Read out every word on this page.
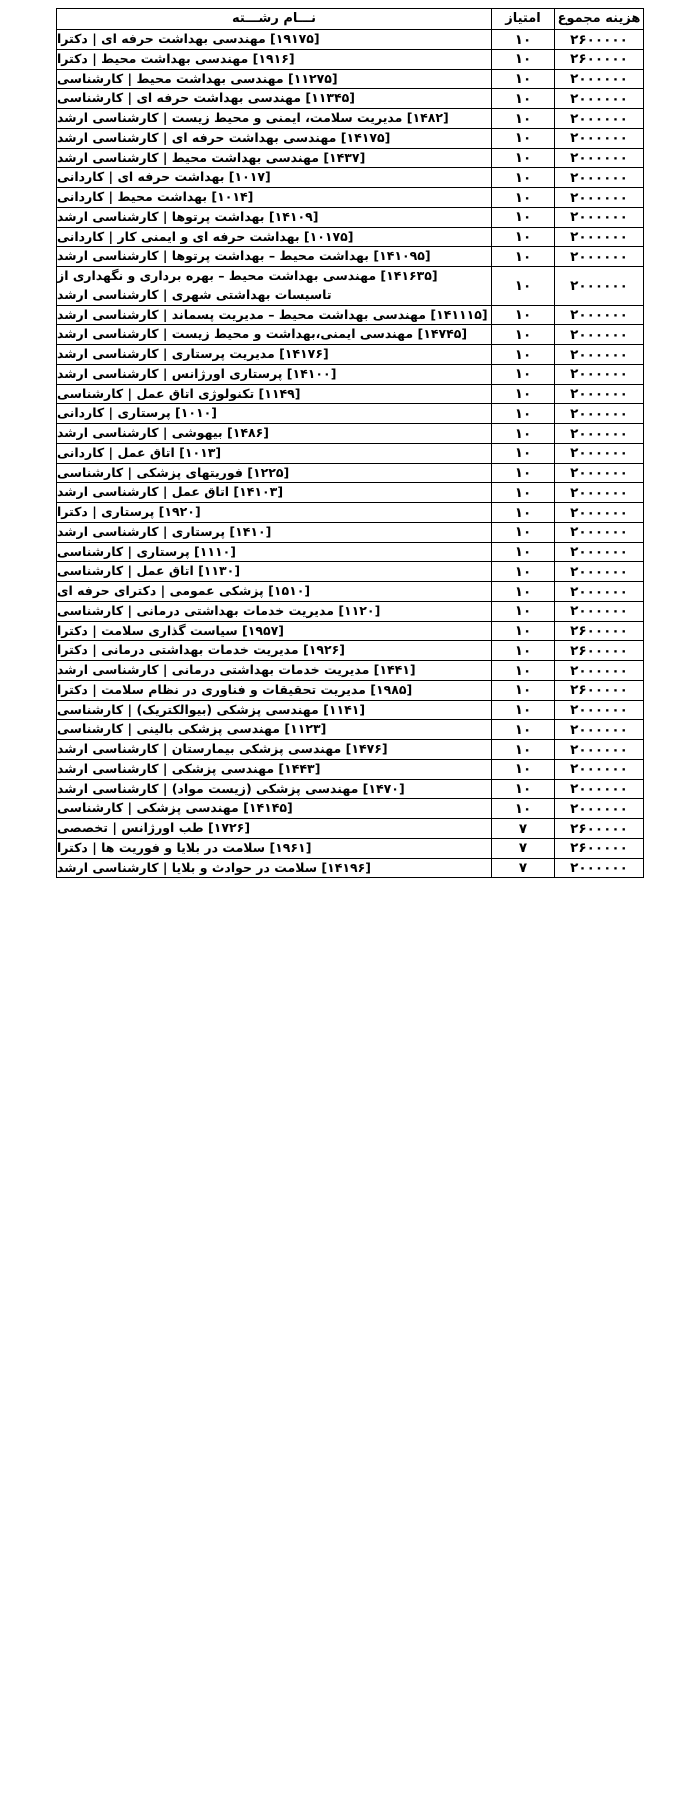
هزینه مجموع	امتیاز	نـــام رشـــته
۲۶۰۰۰۰۰	۱۰	[۱۹۱۷۵] مهندسی بهداشت حرفه ای | دکترا
۲۶۰۰۰۰۰	۱۰	[۱۹۱۶] مهندسی بهداشت محیط | دکترا
۲۰۰۰۰۰۰	۱۰	[۱۱۲۷۵] مهندسی بهداشت محیط | کارشناسی
۲۰۰۰۰۰۰	۱۰	[۱۱۳۴۵] مهندسی بهداشت حرفه ای | کارشناسی
۲۰۰۰۰۰۰	۱۰	[۱۴۸۲] مدیریت سلامت، ایمنی و محیط زیست | کارشناسی ارشد
۲۰۰۰۰۰۰	۱۰	[۱۴۱۷۵] مهندسی بهداشت حرفه ای | کارشناسی ارشد
۲۰۰۰۰۰۰	۱۰	[۱۴۳۷] مهندسی بهداشت محیط | کارشناسی ارشد
۲۰۰۰۰۰۰	۱۰	[۱۰۱۷] بهداشت حرفه ای | کاردانی
۲۰۰۰۰۰۰	۱۰	[۱۰۱۴] بهداشت محیط | کاردانی
۲۰۰۰۰۰۰	۱۰	[۱۴۱۰۹] بهداشت پرتوها | کارشناسی ارشد
۲۰۰۰۰۰۰	۱۰	[۱۰۱۷۵] بهداشت حرفه ای و ایمنی کار | کاردانی
۲۰۰۰۰۰۰	۱۰	[۱۴۱۰۹۵] بهداشت محیط – بهداشت پرتوها | کارشناسی ارشد
۲۰۰۰۰۰۰	۱۰	[۱۴۱۶۳۵] مهندسی بهداشت محیط – بهره برداری و نگهداری از تاسیسات بهداشتی شهری | کارشناسی ارشد
۲۰۰۰۰۰۰	۱۰	[۱۴۱۱۱۵] مهندسی بهداشت محیط – مدیریت پسماند | کارشناسی ارشد
۲۰۰۰۰۰۰	۱۰	[۱۴۷۴۵] مهندسی ایمنی،بهداشت و محیط زیست | کارشناسی ارشد
۲۰۰۰۰۰۰	۱۰	[۱۴۱۷۶] مدیریت پرستاری | کارشناسی ارشد
۲۰۰۰۰۰۰	۱۰	[۱۴۱۰۰] پرستاری اورژانس | کارشناسی ارشد
۲۰۰۰۰۰۰	۱۰	[۱۱۴۹] تکنولوژی اتاق عمل | کارشناسی
۲۰۰۰۰۰۰	۱۰	[۱۰۱۰] پرستاری | کاردانی
۲۰۰۰۰۰۰	۱۰	[۱۴۸۶] بیهوشی | کارشناسی ارشد
۲۰۰۰۰۰۰	۱۰	[۱۰۱۳] اتاق عمل | کاردانی
۲۰۰۰۰۰۰	۱۰	[۱۲۲۵] فوریتهای پزشکی | کارشناسی
۲۰۰۰۰۰۰	۱۰	[۱۴۱۰۳] اتاق عمل | کارشناسی ارشد
۲۰۰۰۰۰۰	۱۰	[۱۹۲۰] پرستاری | دکترا
۲۰۰۰۰۰۰	۱۰	[۱۴۱۰] پرستاری | کارشناسی ارشد
۲۰۰۰۰۰۰	۱۰	[۱۱۱۰] پرستاری | کارشناسی
۲۰۰۰۰۰۰	۱۰	[۱۱۳۰] اتاق عمل | کارشناسی
۲۰۰۰۰۰۰	۱۰	[۱۵۱۰] پزشکی عمومی | دکترای حرفه ای
۲۰۰۰۰۰۰	۱۰	[۱۱۲۰] مدیریت خدمات بهداشتی درمانی | کارشناسی
۲۶۰۰۰۰۰	۱۰	[۱۹۵۷] سیاست گذاری سلامت | دکترا
۲۶۰۰۰۰۰	۱۰	[۱۹۲۶] مدیریت خدمات بهداشتی درمانی | دکترا
۲۰۰۰۰۰۰	۱۰	[۱۴۴۱] مدیریت خدمات بهداشتی درمانی | کارشناسی ارشد
۲۶۰۰۰۰۰	۱۰	[۱۹۸۵] مدیریت تحقیقات و فناوری در نظام سلامت | دکترا
۲۰۰۰۰۰۰	۱۰	[۱۱۴۱] مهندسی پزشکی (بیوالکتریک) | کارشناسی
۲۰۰۰۰۰۰	۱۰	[۱۱۲۳] مهندسی پزشکی بالینی | کارشناسی
۲۰۰۰۰۰۰	۱۰	[۱۴۷۶] مهندسی پزشکی بیمارستان | کارشناسی ارشد
۲۰۰۰۰۰۰	۱۰	[۱۴۴۳] مهندسی پزشکی | کارشناسی ارشد
۲۰۰۰۰۰۰	۱۰	[۱۴۷۰] مهندسی پزشکی (زیست مواد) | کارشناسی ارشد
۲۰۰۰۰۰۰	۱۰	[۱۴۱۴۵] مهندسی پزشکی | کارشناسی
۲۶۰۰۰۰۰	۷	[۱۷۲۶] طب اورژانس | تخصصی
۲۶۰۰۰۰۰	۷	[۱۹۶۱] سلامت در بلایا و فوریت ها | دکترا
۲۰۰۰۰۰۰	۷	[۱۴۱۹۶] سلامت در حوادث و بلایا | کارشناسی ارشد
